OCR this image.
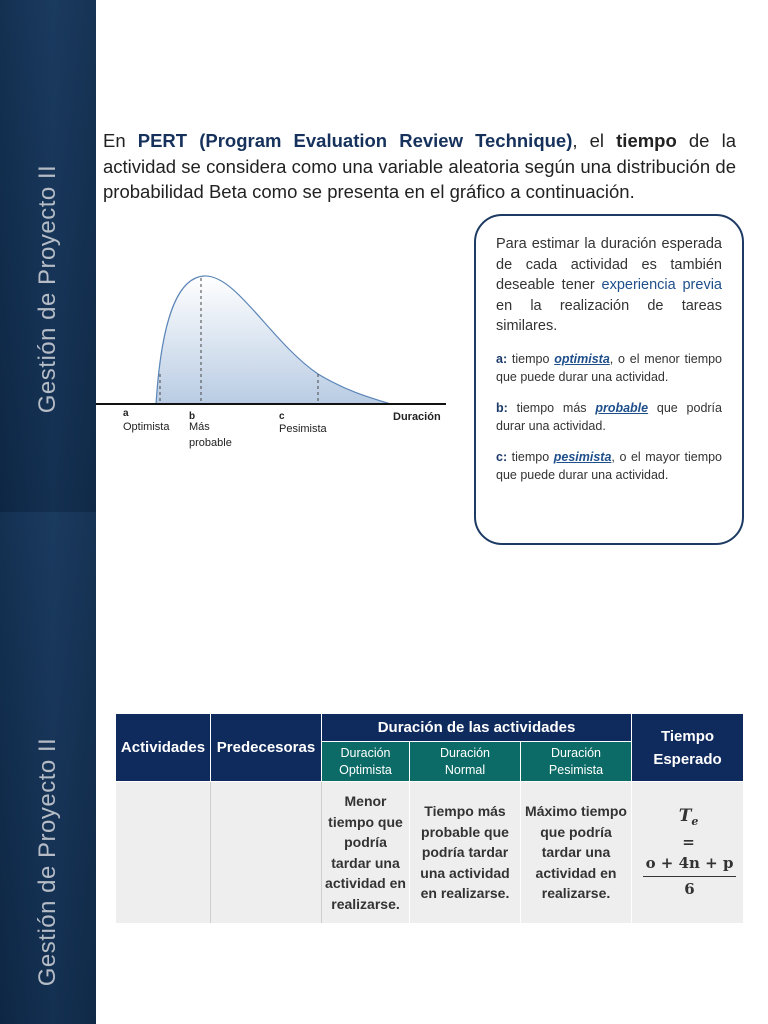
Gestión de Proyecto II
Gestión de Proyecto II

En PERT (Program Evaluation Review Technique), el tiempo de la actividad se considera como una variable aleatoria según una distribución de probabilidad Beta como se presenta en el gráfico a continuación.

a
Optimista
b
Más
probable
c
Pesimista
Duración

Para estimar la duración esperada de cada actividad es también deseable tener experiencia previa en la realización de tareas similares.

a: tiempo optimista, o el menor tiempo que puede durar una actividad.

b: tiempo más probable que podría durar una actividad.

c: tiempo pesimista, o el mayor tiempo que puede durar una actividad.

Actividades	Predecesoras	Duración de las actividades			Tiempo Esperado
		Duración Optimista	Duración Normal	Duración Pesimista	
		Menor tiempo que podría tardar una actividad en realizarse.	Tiempo más probable que podría tardar una actividad en realizarse.	Máximo tiempo que podría tardar una actividad en realizarse.	$T_e$
=
$\frac{o + 4n + p}{6}$
